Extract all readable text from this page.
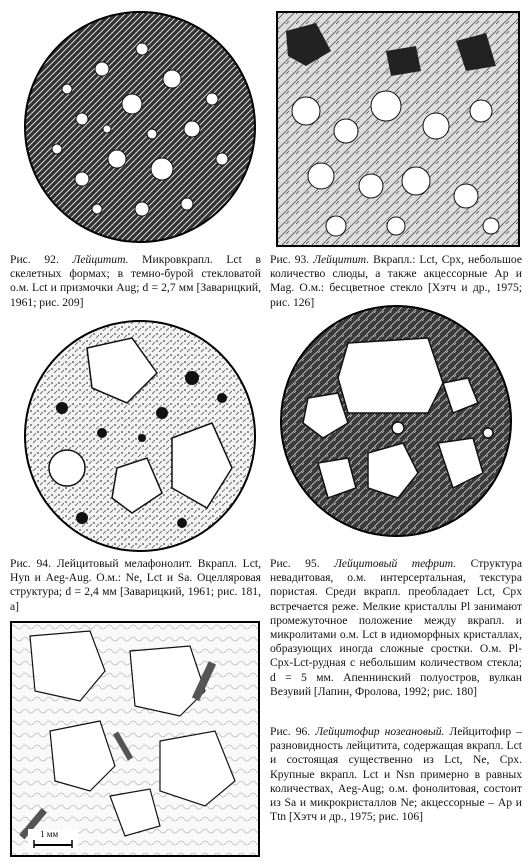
Рис. 92. Лейцитит. Микровкрапл. Lct в скелетных формах; в темно-бурой стекловатой о.м. Lct и призмочки Aug; d = 2,7 мм [Заварицкий, 1961; рис. 209]

Рис. 93. Лейцитит. Вкрапл.: Lct, Cpx, небольшое количество слюды, а также акцессорные Ap и Mag. О.м.: бесцветное стекло [Хэтч и др., 1975; рис. 126]

Рис. 94. Лейцитовый мелафонолит. Вкрапл. Lct, Hyn и Aeg-Aug. О.м.: Ne, Lct и Sa. Оцелляровая структура; d = 2,4 мм [Заварицкий, 1961; рис. 181, а]

Рис. 95. Лейцитовый тефрит. Структура невадитовая, о.м. интерсертальная, текстура пористая. Среди вкрапл. преобладает Lct, Cpx встречается реже. Мелкие кристаллы Pl занимают промежуточное положение между вкрапл. и микролитами о.м. Lct в идиоморфных кристаллах, образующих иногда сложные сростки. О.м. Pl-Cpx-Lct-рудная с небольшим количеством стекла; d = 5 мм. Апеннинский полуостров, вулкан Везувий [Лапин, Фролова, 1992; рис. 180]

1 мм

Рис. 96. Лейцитофир нозеановый. Лейцитофир – разновидность лейцитита, содержащая вкрапл. Lct и состоящая существенно из Lct, Ne, Cpx. Крупные вкрапл. Lct и Nsn примерно в равных количествах, Aeg-Aug; о.м. фонолитовая, состоит из Sa и микрокристаллов Ne; акцессорные – Ap и Ttn [Хэтч и др., 1975; рис. 106]
